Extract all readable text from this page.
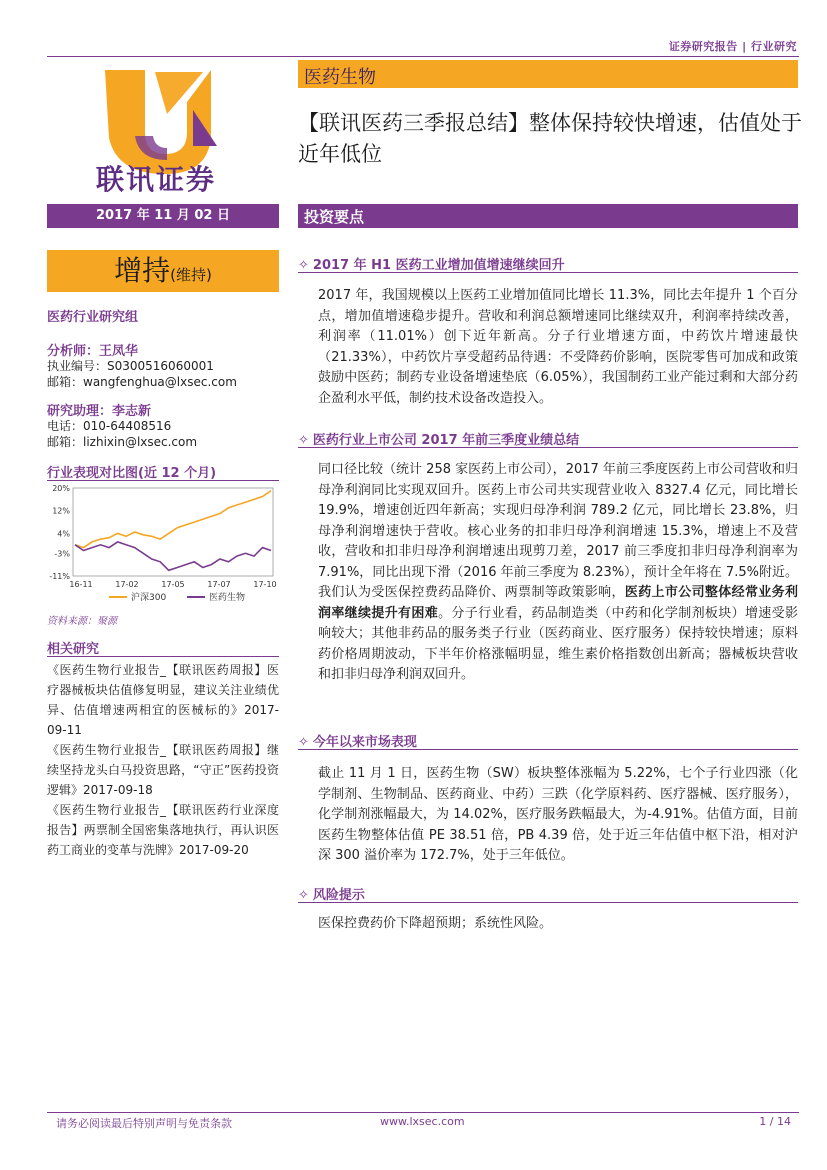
证券研究报告 | 行业研究
联讯证券
医药生物
【联讯医药三季报总结】整体保持较快增速，估值处于近年低位
2017 年 11 月 02 日	投资要点
增持(维持)
医药行业研究组
分析师：王凤华
执业编号：S0300516060001
邮箱：wangfenghua@lxsec.com
研究助理：李志新
电话：010-64408516
邮箱：lizhixin@lxsec.com
行业表现对比图(近 12 个月)
20%
12%
4%
-3%
-11%
16-11	17-02	17-05	17-07	17-10
沪深300	医药生物
资料来源：聚源
相关研究

《医药生物行业报告_【联讯医药周报】医疗器械板块估值修复明显，建议关注业绩优异、估值增速两相宜的医械标的》2017-09-11

《医药生物行业报告_【联讯医药周报】继续坚持龙头白马投资思路，“守正”医药投资逻辑》2017-09-18

《医药生物行业报告_【联讯医药行业深度报告】两票制全国密集落地执行，再认识医药工商业的变革与洗牌》2017-09-20

✧ 2017 年 H1 医药工业增加值增速继续回升
2017 年，我国规模以上医药工业增加值同比增长 11.3%，同比去年提升 1 个百分点，增加值增速稳步提升。营收和利润总额增速同比继续双升，利润率持续改善，利润率（11.01%）创下近年新高。分子行业增速方面，中药饮片增速最快（21.33%），中药饮片享受超药品待遇：不受降药价影响，医院零售可加成和政策鼓励中医药；制药专业设备增速垫底（6.05%），我国制药工业产能过剩和大部分药企盈利水平低，制约技术设备改造投入。
✧ 医药行业上市公司 2017 年前三季度业绩总结
同口径比较（统计 258 家医药上市公司），2017 年前三季度医药上市公司营收和归母净利润同比实现双回升。医药上市公司共实现营业收入 8327.4 亿元，同比增长 19.9%，增速创近四年新高；实现归母净利润 789.2 亿元，同比增长 23.8%，归母净利润增速快于营收。核心业务的扣非归母净利润增速 15.3%，增速上不及营收，营收和扣非归母净利润增速出现剪刀差，2017 前三季度扣非归母净利润率为 7.91%，同比出现下滑（2016 年前三季度为 8.23%），预计全年将在 7.5%附近。我们认为受医保控费药品降价、两票制等政策影响，医药上市公司整体经常业务利润率继续提升有困难。分子行业看，药品制造类（中药和化学制剂板块）增速受影响较大；其他非药品的服务类子行业（医药商业、医疗服务）保持较快增速；原料药价格周期波动，下半年价格涨幅明显，维生素价格指数创出新高；器械板块营收和扣非归母净利润双回升。
✧ 今年以来市场表现
截止 11 月 1 日，医药生物（SW）板块整体涨幅为 5.22%，七个子行业四涨（化学制剂、生物制品、医药商业、中药）三跌（化学原料药、医疗器械、医疗服务），化学制剂涨幅最大，为 14.02%，医疗服务跌幅最大，为-4.91%。估值方面，目前医药生物整体估值 PE 38.51 倍，PB 4.39 倍，处于近三年估值中枢下沿，相对沪深 300 溢价率为 172.7%，处于三年低位。
✧ 风险提示
医保控费药价下降超预期；系统性风险。
请务必阅读最后特别声明与免责条款	www.lxsec.com	1 / 14
